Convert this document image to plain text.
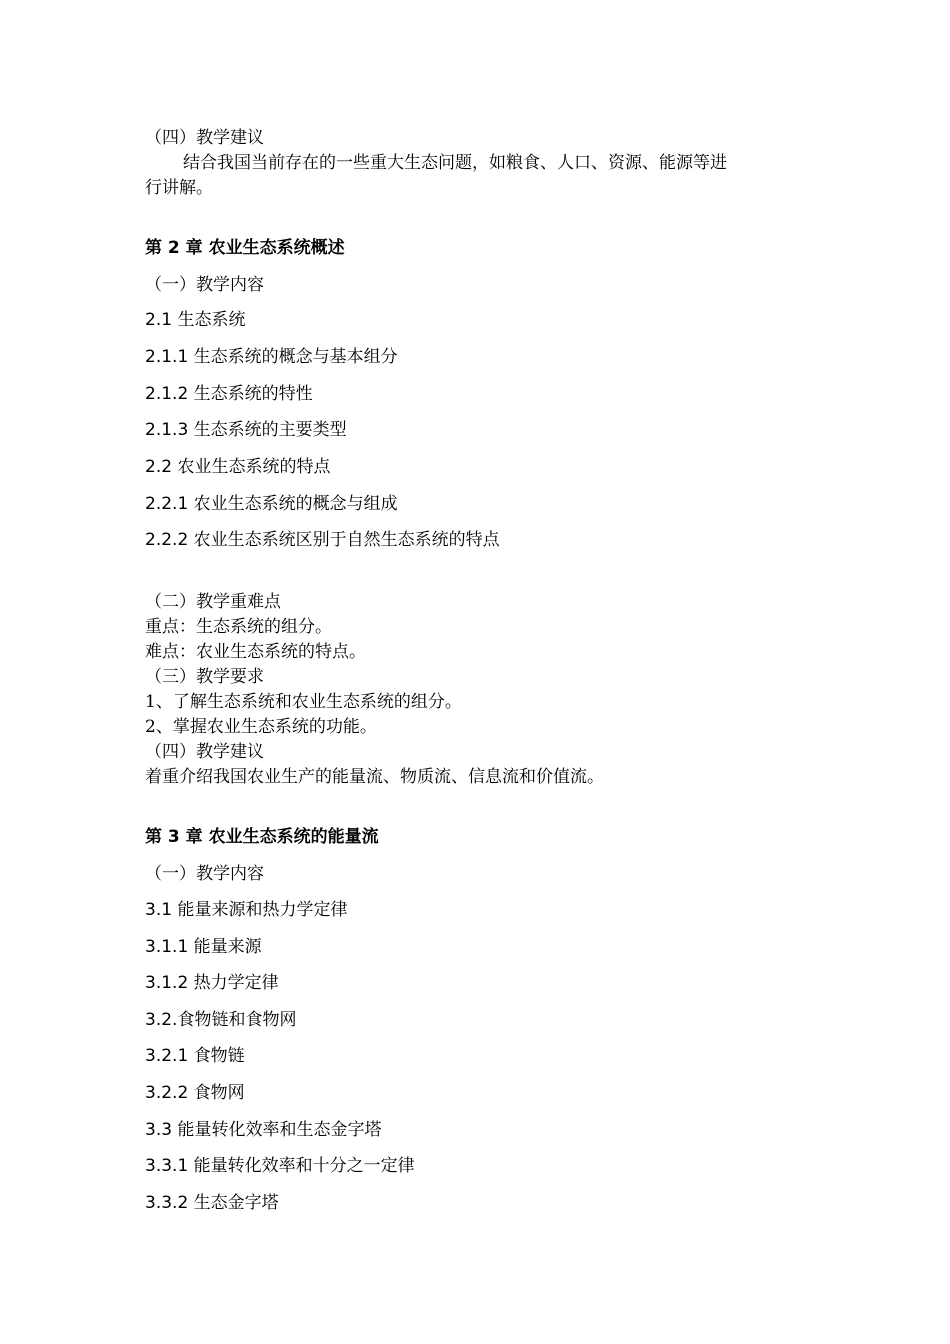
（四）教学建议
结合我国当前存在的一些重大生态问题，如粮食、人口、资源、能源等进
行讲解。
第 2 章 农业生态系统概述
（一）教学内容
2.1 生态系统
2.1.1 生态系统的概念与基本组分
2.1.2 生态系统的特性
2.1.3 生态系统的主要类型
2.2 农业生态系统的特点
2.2.1 农业生态系统的概念与组成
2.2.2 农业生态系统区别于自然生态系统的特点
（二）教学重难点
重点：生态系统的组分。
难点：农业生态系统的特点。
（三）教学要求
1、了解生态系统和农业生态系统的组分。
2、掌握农业生态系统的功能。
（四）教学建议
着重介绍我国农业生产的能量流、物质流、信息流和价值流。
第 3 章 农业生态系统的能量流
（一）教学内容
3.1 能量来源和热力学定律
3.1.1 能量来源
3.1.2 热力学定律
3.2.食物链和食物网
3.2.1 食物链
3.2.2 食物网
3.3 能量转化效率和生态金字塔
3.3.1 能量转化效率和十分之一定律
3.3.2 生态金字塔
